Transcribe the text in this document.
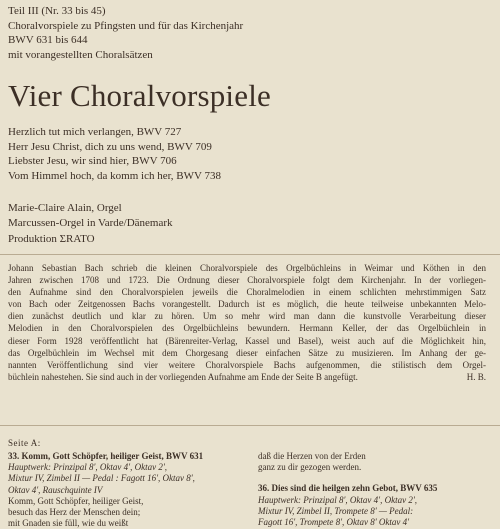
Teil III (Nr. 33 bis 45)
Choralvorspiele zu Pfingsten und für das Kirchenjahr
BWV 631 bis 644
mit vorangestellten Choralsätzen
Vier Choralvorspiele
Herzlich tut mich verlangen, BWV 727
Herr Jesu Christ, dich zu uns wend, BWV 709
Liebster Jesu, wir sind hier, BWV 706
Vom Himmel hoch, da komm ich her, BWV 738
Marie-Claire Alain, Orgel
Marcussen-Orgel in Varde/Dänemark
Produktion ΣRATO
Johann Sebastian Bach schrieb die kleinen Choralvorspiele des Orgelbüchleins in Weimar und Köthen in den
Jahren zwischen 1708 und 1723. Die Ordnung dieser Choralvorspiele folgt dem Kirchenjahr. In der vorliegen-
den Aufnahme sind den Choralvorspielen jeweils die Choralmelodien in einem schlichten mehrstimmigen Satz
von Bach oder Zeitgenossen Bachs vorangestellt. Dadurch ist es möglich, die heute teilweise unbekannten Melo-
dien zunächst deutlich und klar zu hören. Um so mehr wird man dann die kunstvolle Verarbeitung dieser
Melodien in den Choralvorspielen des Orgelbüchleins bewundern. Hermann Keller, der das Orgelbüchlein in
dieser Form 1928 veröffentlicht hat (Bärenreiter-Verlag, Kassel und Basel), weist auch auf die Möglichkeit hin,
das Orgelbüchlein im Wechsel mit dem Chorgesang dieser einfachen Sätze zu musizieren. Im Anhang der ge-
nannten Veröffentlichung sind vier weitere Choralvorspiele Bachs aufgenommen, die stilistisch dem Orgel-
büchlein nahestehen. Sie sind auch in der vorliegenden Aufnahme am Ende der Seite B angefügt.	H. B.
Seite A:
33. Komm, Gott Schöpfer, heiliger Geist, BWV 631
Hauptwerk: Prinzipal 8', Oktav 4', Oktav 2',
Mixtur IV, Zimbel II — Pedal : Fagott 16', Oktav 8',
Oktav 4', Rauschquinte IV
Komm, Gott Schöpfer, heiliger Geist,
besuch das Herz der Menschen dein;
mit Gnaden sie füll, wie du weißt
daß die Herzen von der Erden
ganz zu dir gezogen werden.
36. Dies sind die heilgen zehn Gebot, BWV 635
Hauptwerk: Prinzipal 8', Oktav 4', Oktav 2',
Mixtur IV, Zimbel II, Trompete 8' — Pedal:
Fagott 16', Trompete 8', Oktav 8' Oktav 4'
